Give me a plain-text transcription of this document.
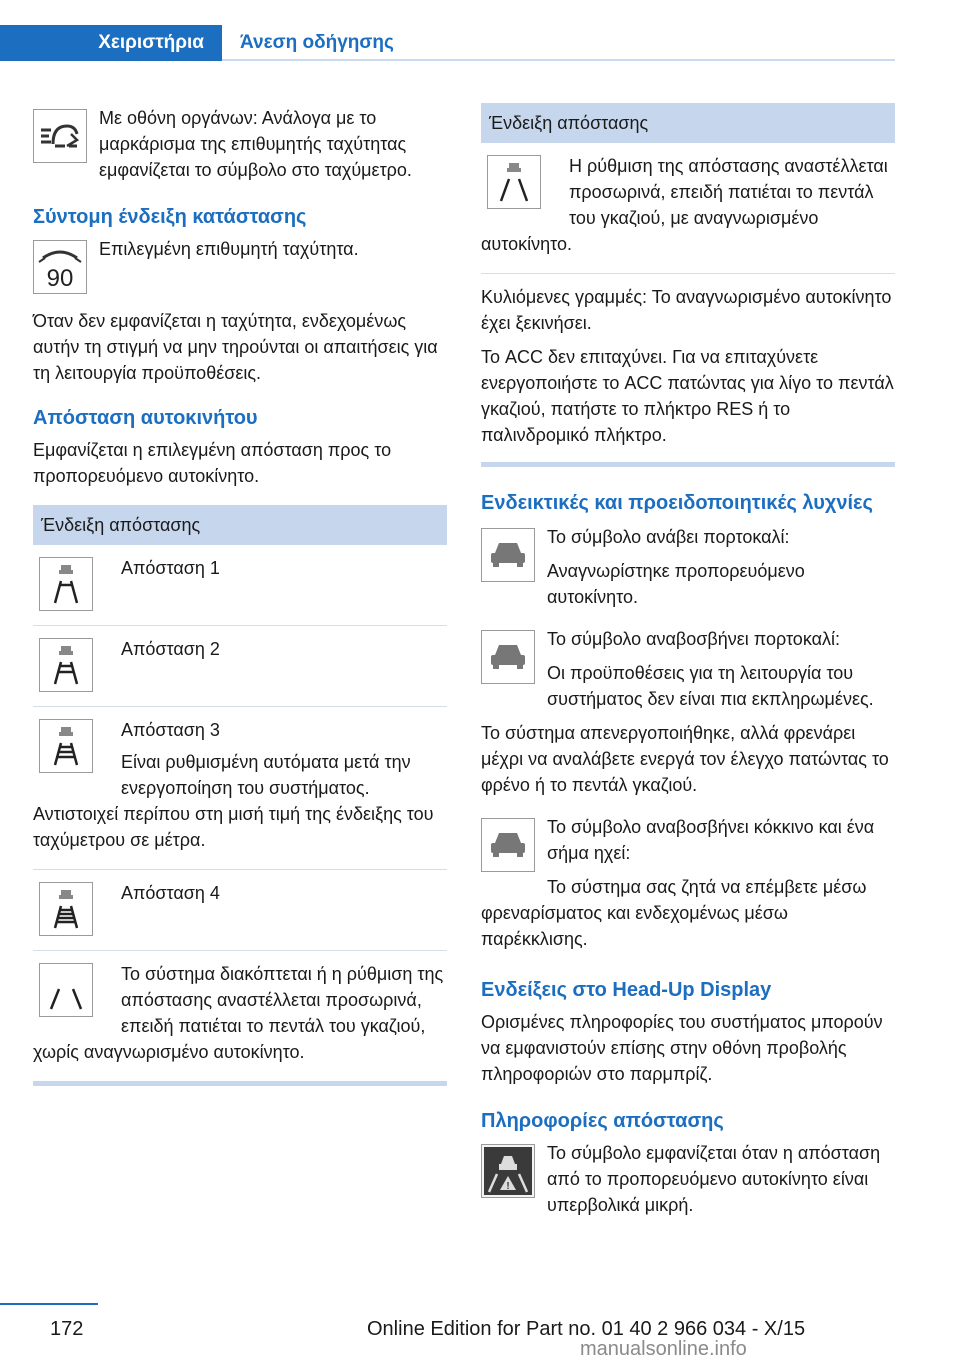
Χειριστήρια	Άνεση οδήγησης

Με οθόνη οργάνων: Ανάλογα με το μαρκάρισμα της επιθυμητής ταχύτητας εμφανίζεται το σύμβολο στο ταχύμετρο.

Σύντομη ένδειξη κατάστασης
90

Επιλεγμένη επιθυμητή ταχύτητα.

Όταν δεν εμφανίζεται η ταχύτητα, ενδεχομένως αυτήν τη στιγμή να μην τηρούνται οι απαιτήσεις για τη λειτουργία προϋποθέσεις.

Απόσταση αυτοκινήτου

Εμφανίζεται η επιλεγμένη απόσταση προς το προπορευόμενο αυτοκίνητο.

Ένδειξη απόστασης

Απόσταση 1

Απόσταση 2

Απόσταση 3

Είναι ρυθμισμένη αυτόματα μετά την ενεργοποίηση του συστήματος. Αντιστοιχεί περίπου στη μισή τιμή της ένδειξης του ταχύμετρου σε μέτρα.

Απόσταση 4

Το σύστημα διακόπτεται ή η ρύθμιση της απόστασης αναστέλλεται προσωρινά, επειδή πατιέται το πεντάλ του γκαζιού, χωρίς αναγνωρισμένο αυτοκίνητο.

Ένδειξη απόστασης

Η ρύθμιση της απόστασης αναστέλλεται προσωρινά, επειδή πατιέται το πεντάλ του γκαζιού, με αναγνωρισμένο αυτοκίνητο.

Κυλιόμενες γραμμές: Το αναγνωρισμένο αυτοκίνητο έχει ξεκινήσει.

Το ACC δεν επιταχύνει. Για να επιταχύνετε ενεργοποιήστε το ACC πατώντας για λίγο το πεντάλ γκαζιού, πατήστε το πλήκτρο RES ή το παλινδρομικό πλήκτρο.

Ενδεικτικές και προειδοποιητικές λυχνίες

Το σύμβολο ανάβει πορτοκαλί:

Αναγνωρίστηκε προπορευόμενο αυτοκίνητο.

Το σύμβολο αναβοσβήνει πορτοκαλί:

Οι προϋποθέσεις για τη λειτουργία του συστήματος δεν είναι πια εκπληρωμένες.

Το σύστημα απενεργοποιήθηκε, αλλά φρενάρει μέχρι να αναλάβετε ενεργά τον έλεγχο πατώντας το φρένο ή το πεντάλ γκαζιού.

Το σύμβολο αναβοσβήνει κόκκινο και ένα σήμα ηχεί:

Το σύστημα σας ζητά να επέμβετε μέσω φρεναρίσματος και ενδεχομένως μέσω παρέκκλισης.

Ενδείξεις στο Head-Up Display

Ορισμένες πληροφορίες του συστήματος μπορούν να εμφανιστούν επίσης στην οθόνη προβολής πληροφοριών στο παρμπρίζ.

Πληροφορίες απόστασης
!

Το σύμβολο εμφανίζεται όταν η απόσταση από το προπορευόμενο αυτοκίνητο είναι υπερβολικά μικρή.

172	Online Edition for Part no. 01 40 2 966 034 - X/15
manualsonline.info
